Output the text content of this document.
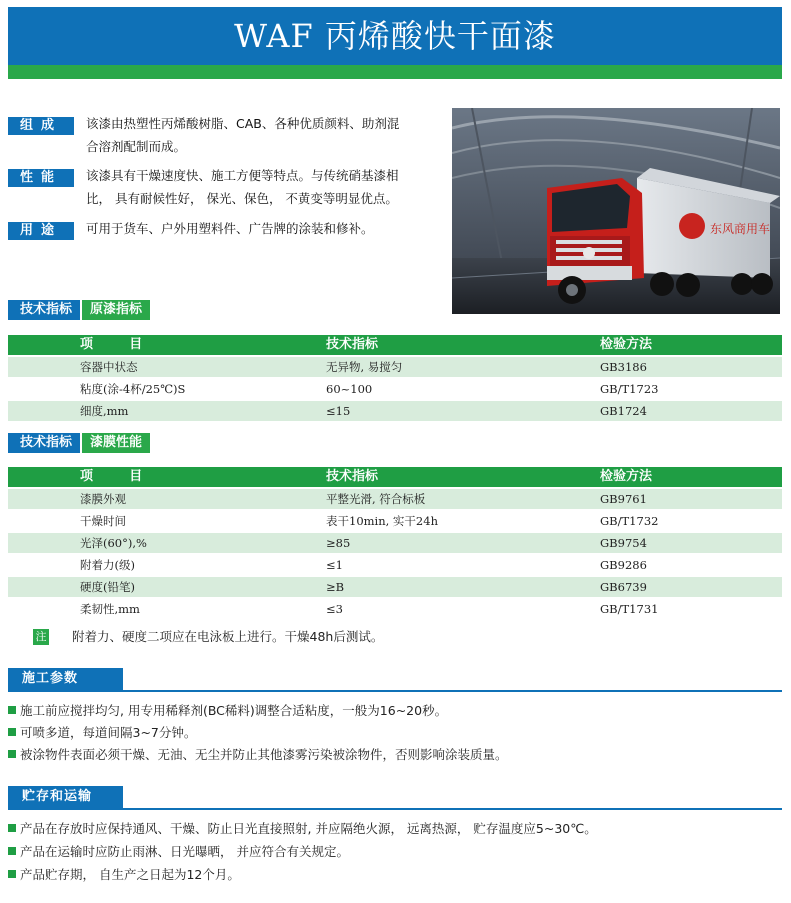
WAF 丙烯酸快干面漆
组成	该漆由热塑性丙烯酸树脂、CAB、各种优质颜料、助剂混
合溶剂配制而成。
性能	该漆具有干燥速度快、施工方便等特点。与传统硝基漆相
比， 具有耐候性好， 保光、保色， 不黄变等明显优点。
用途	可用于货车、户外用塑料件、广告牌的涂装和修补。	东风商用车
技术指标	原漆指标
项        目	技术指标	检验方法
容器中状态	无异物, 易搅匀	GB3186
粘度(涂-4杯/25℃)S	60~100	GB/T1723
细度,mm	≤15	GB1724
技术指标	漆膜性能
项        目	技术指标	检验方法
漆膜外观	平整光滑, 符合标板	GB9761
干燥时间	表干10min, 实干24h	GB/T1732
光泽(60°),%	≥85	GB9754
附着力(级)	≤1	GB9286
硬度(铅笔)	≥B	GB6739
柔韧性,mm	≤3	GB/T1731
注 附着力、硬度二项应在电泳板上进行。干燥48h后测试。
施工参数
施工前应搅拌均匀, 用专用稀释剂(BC稀料)调整合适粘度，一般为16~20秒。
可喷多道，每道间隔3~7分钟。
被涂物件表面必须干燥、无油、无尘并防止其他漆雾污染被涂物件，否则影响涂装质量。
贮存和运输
产品在存放时应保持通风、干燥、防止日光直接照射, 并应隔绝火源， 远离热源， 贮存温度应5~30℃。
产品在运输时应防止雨淋、日光曝晒， 并应符合有关规定。
产品贮存期， 自生产之日起为12个月。
